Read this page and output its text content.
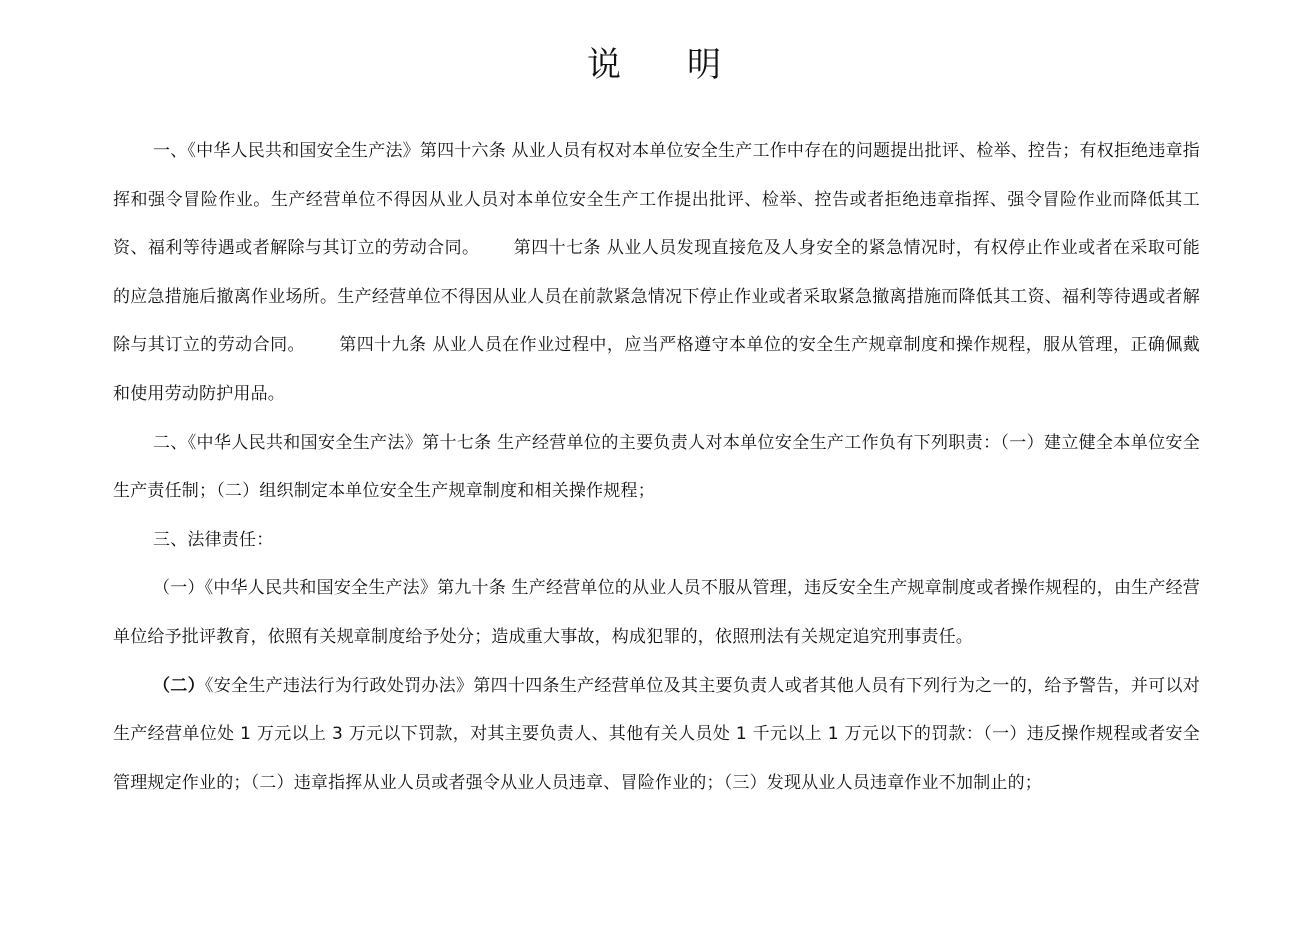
说 明

一、《中华人民共和国安全生产法》第四十六条 从业人员有权对本单位安全生产工作中存在的问题提出批评、检举、控告；有权拒绝违章指挥和强令冒险作业。生产经营单位不得因从业人员对本单位安全生产工作提出批评、检举、控告或者拒绝违章指挥、强令冒险作业而降低其工资、福利等待遇或者解除与其订立的劳动合同。 第四十七条 从业人员发现直接危及人身安全的紧急情况时，有权停止作业或者在采取可能的应急措施后撤离作业场所。生产经营单位不得因从业人员在前款紧急情况下停止作业或者采取紧急撤离措施而降低其工资、福利等待遇或者解除与其订立的劳动合同。 第四十九条 从业人员在作业过程中，应当严格遵守本单位的安全生产规章制度和操作规程，服从管理，正确佩戴和使用劳动防护用品。

二、《中华人民共和国安全生产法》第十七条 生产经营单位的主要负责人对本单位安全生产工作负有下列职责：（一）建立健全本单位安全生产责任制；（二）组织制定本单位安全生产规章制度和相关操作规程；

三、法律责任：

（一）《中华人民共和国安全生产法》第九十条 生产经营单位的从业人员不服从管理，违反安全生产规章制度或者操作规程的，由生产经营单位给予批评教育，依照有关规章制度给予处分；造成重大事故，构成犯罪的，依照刑法有关规定追究刑事责任。

（二）《安全生产违法行为行政处罚办法》第四十四条生产经营单位及其主要负责人或者其他人员有下列行为之一的，给予警告，并可以对生产经营单位处 1 万元以上 3 万元以下罚款，对其主要负责人、其他有关人员处 1 千元以上 1 万元以下的罚款：（一）违反操作规程或者安全管理规定作业的；（二）违章指挥从业人员或者强令从业人员违章、冒险作业的；（三）发现从业人员违章作业不加制止的；
